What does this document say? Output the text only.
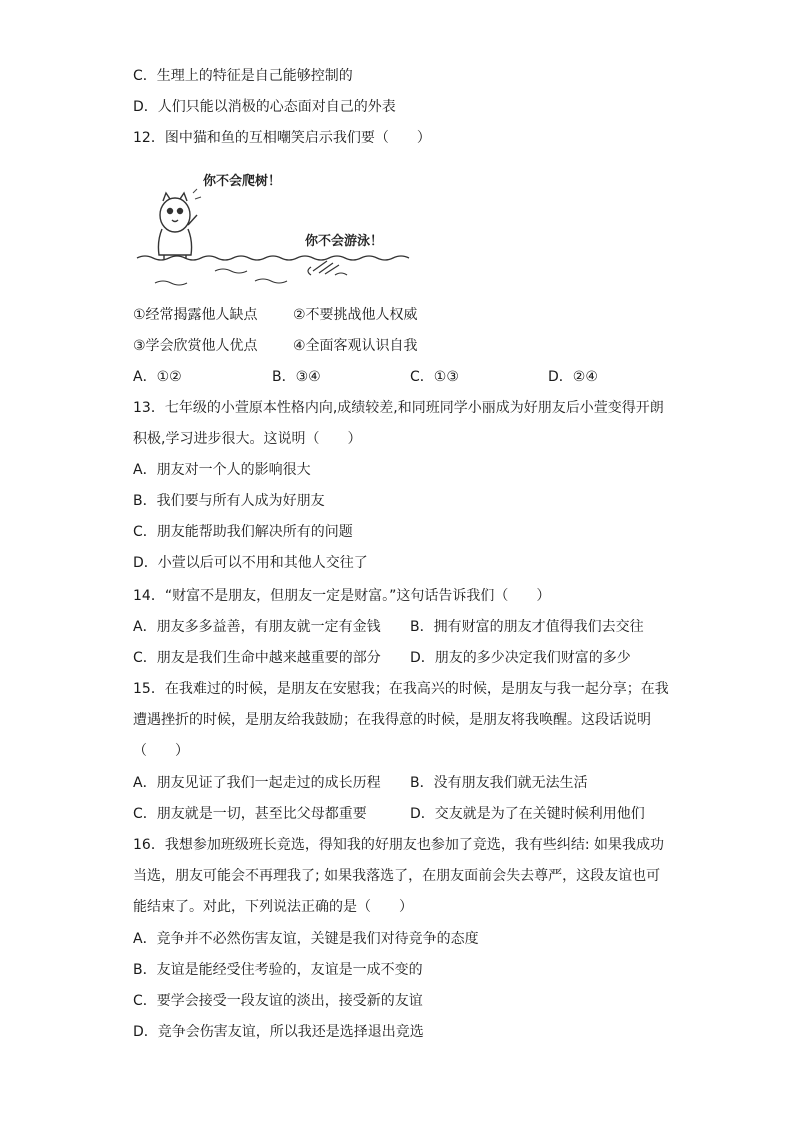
C．生理上的特征是自己能够控制的
D．人们只能以消极的心态面对自己的外表
12．图中猫和鱼的互相嘲笑启示我们要（　　）
你不会爬树！
你不会游泳！
①经常揭露他人缺点	②不要挑战他人权威
③学会欣赏他人优点	④全面客观认识自我
A．①②	B．③④	C．①③	D．②④
13．七年级的小萱原本性格内向,成绩较差,和同班同学小丽成为好朋友后小萱变得开朗
积极,学习进步很大。这说明（　　）
A．朋友对一个人的影响很大
B．我们要与所有人成为好朋友
C．朋友能帮助我们解决所有的问题
D．小萱以后可以不用和其他人交往了
14．“财富不是朋友，但朋友一定是财富。”这句话告诉我们（　　）
A．朋友多多益善，有朋友就一定有金钱 B．拥有财富的朋友才值得我们去交往
C．朋友是我们生命中越来越重要的部分 D．朋友的多少决定我们财富的多少
15．在我难过的时候，是朋友在安慰我；在我高兴的时候，是朋友与我一起分享；在我
遭遇挫折的时候，是朋友给我鼓励；在我得意的时候，是朋友将我唤醒。这段话说明
（　　）
A．朋友见证了我们一起走过的成长历程 B．没有朋友我们就无法生活
C．朋友就是一切，甚至比父母都重要	D．交友就是为了在关键时候利用他们
16．我想参加班级班长竞选，得知我的好朋友也参加了竞选，我有些纠结: 如果我成功
当选，朋友可能会不再理我了; 如果我落选了，在朋友面前会失去尊严，这段友谊也可
能结束了。对此，下列说法正确的是（　　）
A．竞争并不必然伤害友谊，关键是我们对待竞争的态度
B．友谊是能经受住考验的，友谊是一成不变的
C．要学会接受一段友谊的淡出，接受新的友谊
D．竞争会伤害友谊，所以我还是选择退出竞选
